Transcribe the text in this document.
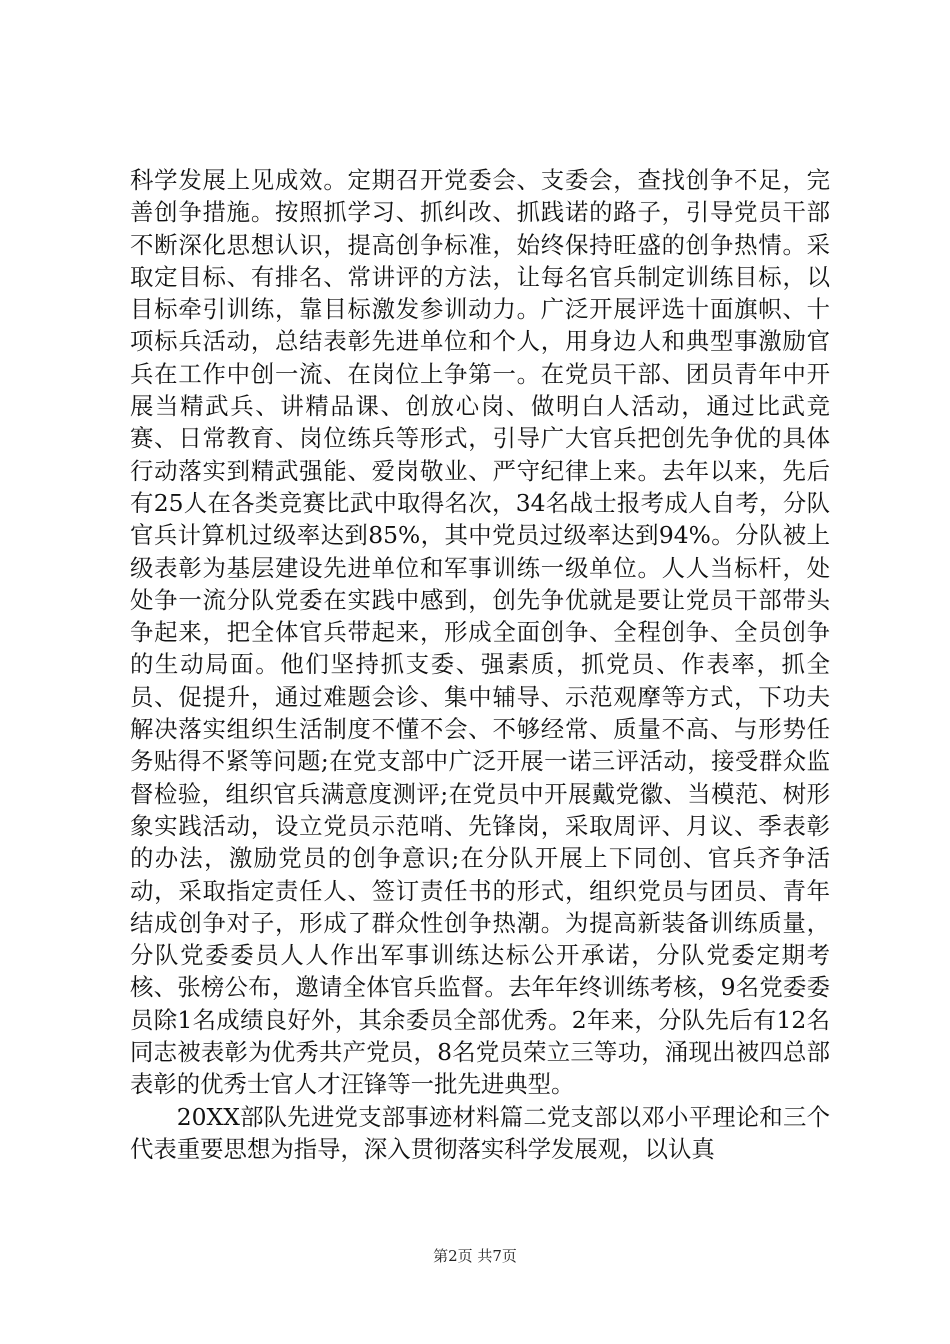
科学发展上见成效。定期召开党委会、支委会，查找创争不足，完善创争措施。按照抓学习、抓纠改、抓践诺的路子，引导党员干部不断深化思想认识，提高创争标准，始终保持旺盛的创争热情。采取定目标、有排名、常讲评的方法，让每名官兵制定训练目标，以目标牵引训练，靠目标激发参训动力。广泛开展评选十面旗帜、十项标兵活动，总结表彰先进单位和个人，用身边人和典型事激励官兵在工作中创一流、在岗位上争第一。在党员干部、团员青年中开展当精武兵、讲精品课、创放心岗、做明白人活动，通过比武竞赛、日常教育、岗位练兵等形式，引导广大官兵把创先争优的具体行动落实到精武强能、爱岗敬业、严守纪律上来。去年以来，先后有25人在各类竞赛比武中取得名次，34名战士报考成人自考，分队官兵计算机过级率达到85%，其中党员过级率达到94%。分队被上级表彰为基层建设先进单位和军事训练一级单位。人人当标杆，处处争一流分队党委在实践中感到，创先争优就是要让党员干部带头争起来，把全体官兵带起来，形成全面创争、全程创争、全员创争的生动局面。他们坚持抓支委、强素质，抓党员、作表率，抓全员、促提升，通过难题会诊、集中辅导、示范观摩等方式，下功夫解决落实组织生活制度不懂不会、不够经常、质量不高、与形势任务贴得不紧等问题;在党支部中广泛开展一诺三评活动，接受群众监督检验，组织官兵满意度测评;在党员中开展戴党徽、当模范、树形象实践活动，设立党员示范哨、先锋岗，采取周评、月议、季表彰的办法，激励党员的创争意识;在分队开展上下同创、官兵齐争活动，采取指定责任人、签订责任书的形式，组织党员与团员、青年结成创争对子，形成了群众性创争热潮。为提高新装备训练质量，分队党委委员人人作出军事训练达标公开承诺，分队党委定期考核、张榜公布，邀请全体官兵监督。去年年终训练考核，9名党委委员除1名成绩良好外，其余委员全部优秀。2年来，分队先后有12名同志被表彰为优秀共产党员，8名党员荣立三等功，涌现出被四总部表彰的优秀士官人才汪锋等一批先进典型。

20XX部队先进党支部事迹材料篇二党支部以邓小平理论和三个代表重要思想为指导，深入贯彻落实科学发展观，以认真

第2页 共7页
